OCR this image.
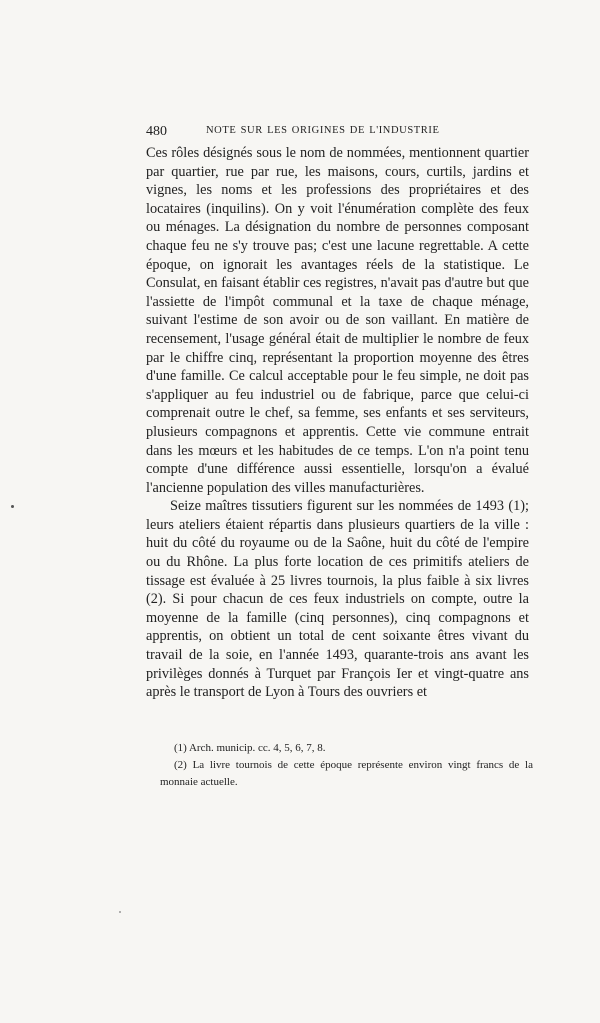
480	NOTE SUR LES ORIGINES DE L'INDUSTRIE

Ces rôles désignés sous le nom de nommées, mentionnent quartier par quartier, rue par rue, les maisons, cours, curtils, jardins et vignes, les noms et les professions des propriétaires et des locataires (inquilins). On y voit l'énumération complète des feux ou ménages. La désignation du nombre de personnes composant chaque feu ne s'y trouve pas; c'est une lacune regrettable. A cette époque, on ignorait les avantages réels de la statistique. Le Consulat, en faisant établir ces registres, n'avait pas d'autre but que l'assiette de l'impôt communal et la taxe de chaque ménage, suivant l'estime de son avoir ou de son vaillant. En matière de recensement, l'usage général était de multiplier le nombre de feux par le chiffre cinq, représentant la proportion moyenne des êtres d'une famille. Ce calcul acceptable pour le feu simple, ne doit pas s'appliquer au feu industriel ou de fabrique, parce que celui-ci comprenait outre le chef, sa femme, ses enfants et ses serviteurs, plusieurs compagnons et apprentis. Cette vie commune entrait dans les mœurs et les habitudes de ce temps. L'on n'a point tenu compte d'une différence aussi essentielle, lorsqu'on a évalué l'ancienne population des villes manufacturières.

Seize maîtres tissutiers figurent sur les nommées de 1493 (1); leurs ateliers étaient répartis dans plusieurs quartiers de la ville : huit du côté du royaume ou de la Saône, huit du côté de l'empire ou du Rhône. La plus forte location de ces primitifs ateliers de tissage est évaluée à 25 livres tournois, la plus faible à six livres (2). Si pour chacun de ces feux industriels on compte, outre la moyenne de la famille (cinq personnes), cinq compagnons et apprentis, on obtient un total de cent soixante êtres vivant du travail de la soie, en l'année 1493, quarante-trois ans avant les privilèges donnés à Turquet par François Ier et vingt-quatre ans après le transport de Lyon à Tours des ouvriers et

(1) Arch. municip. cc. 4, 5, 6, 7, 8.

(2) La livre tournois de cette époque représente environ vingt francs de la monnaie actuelle.
